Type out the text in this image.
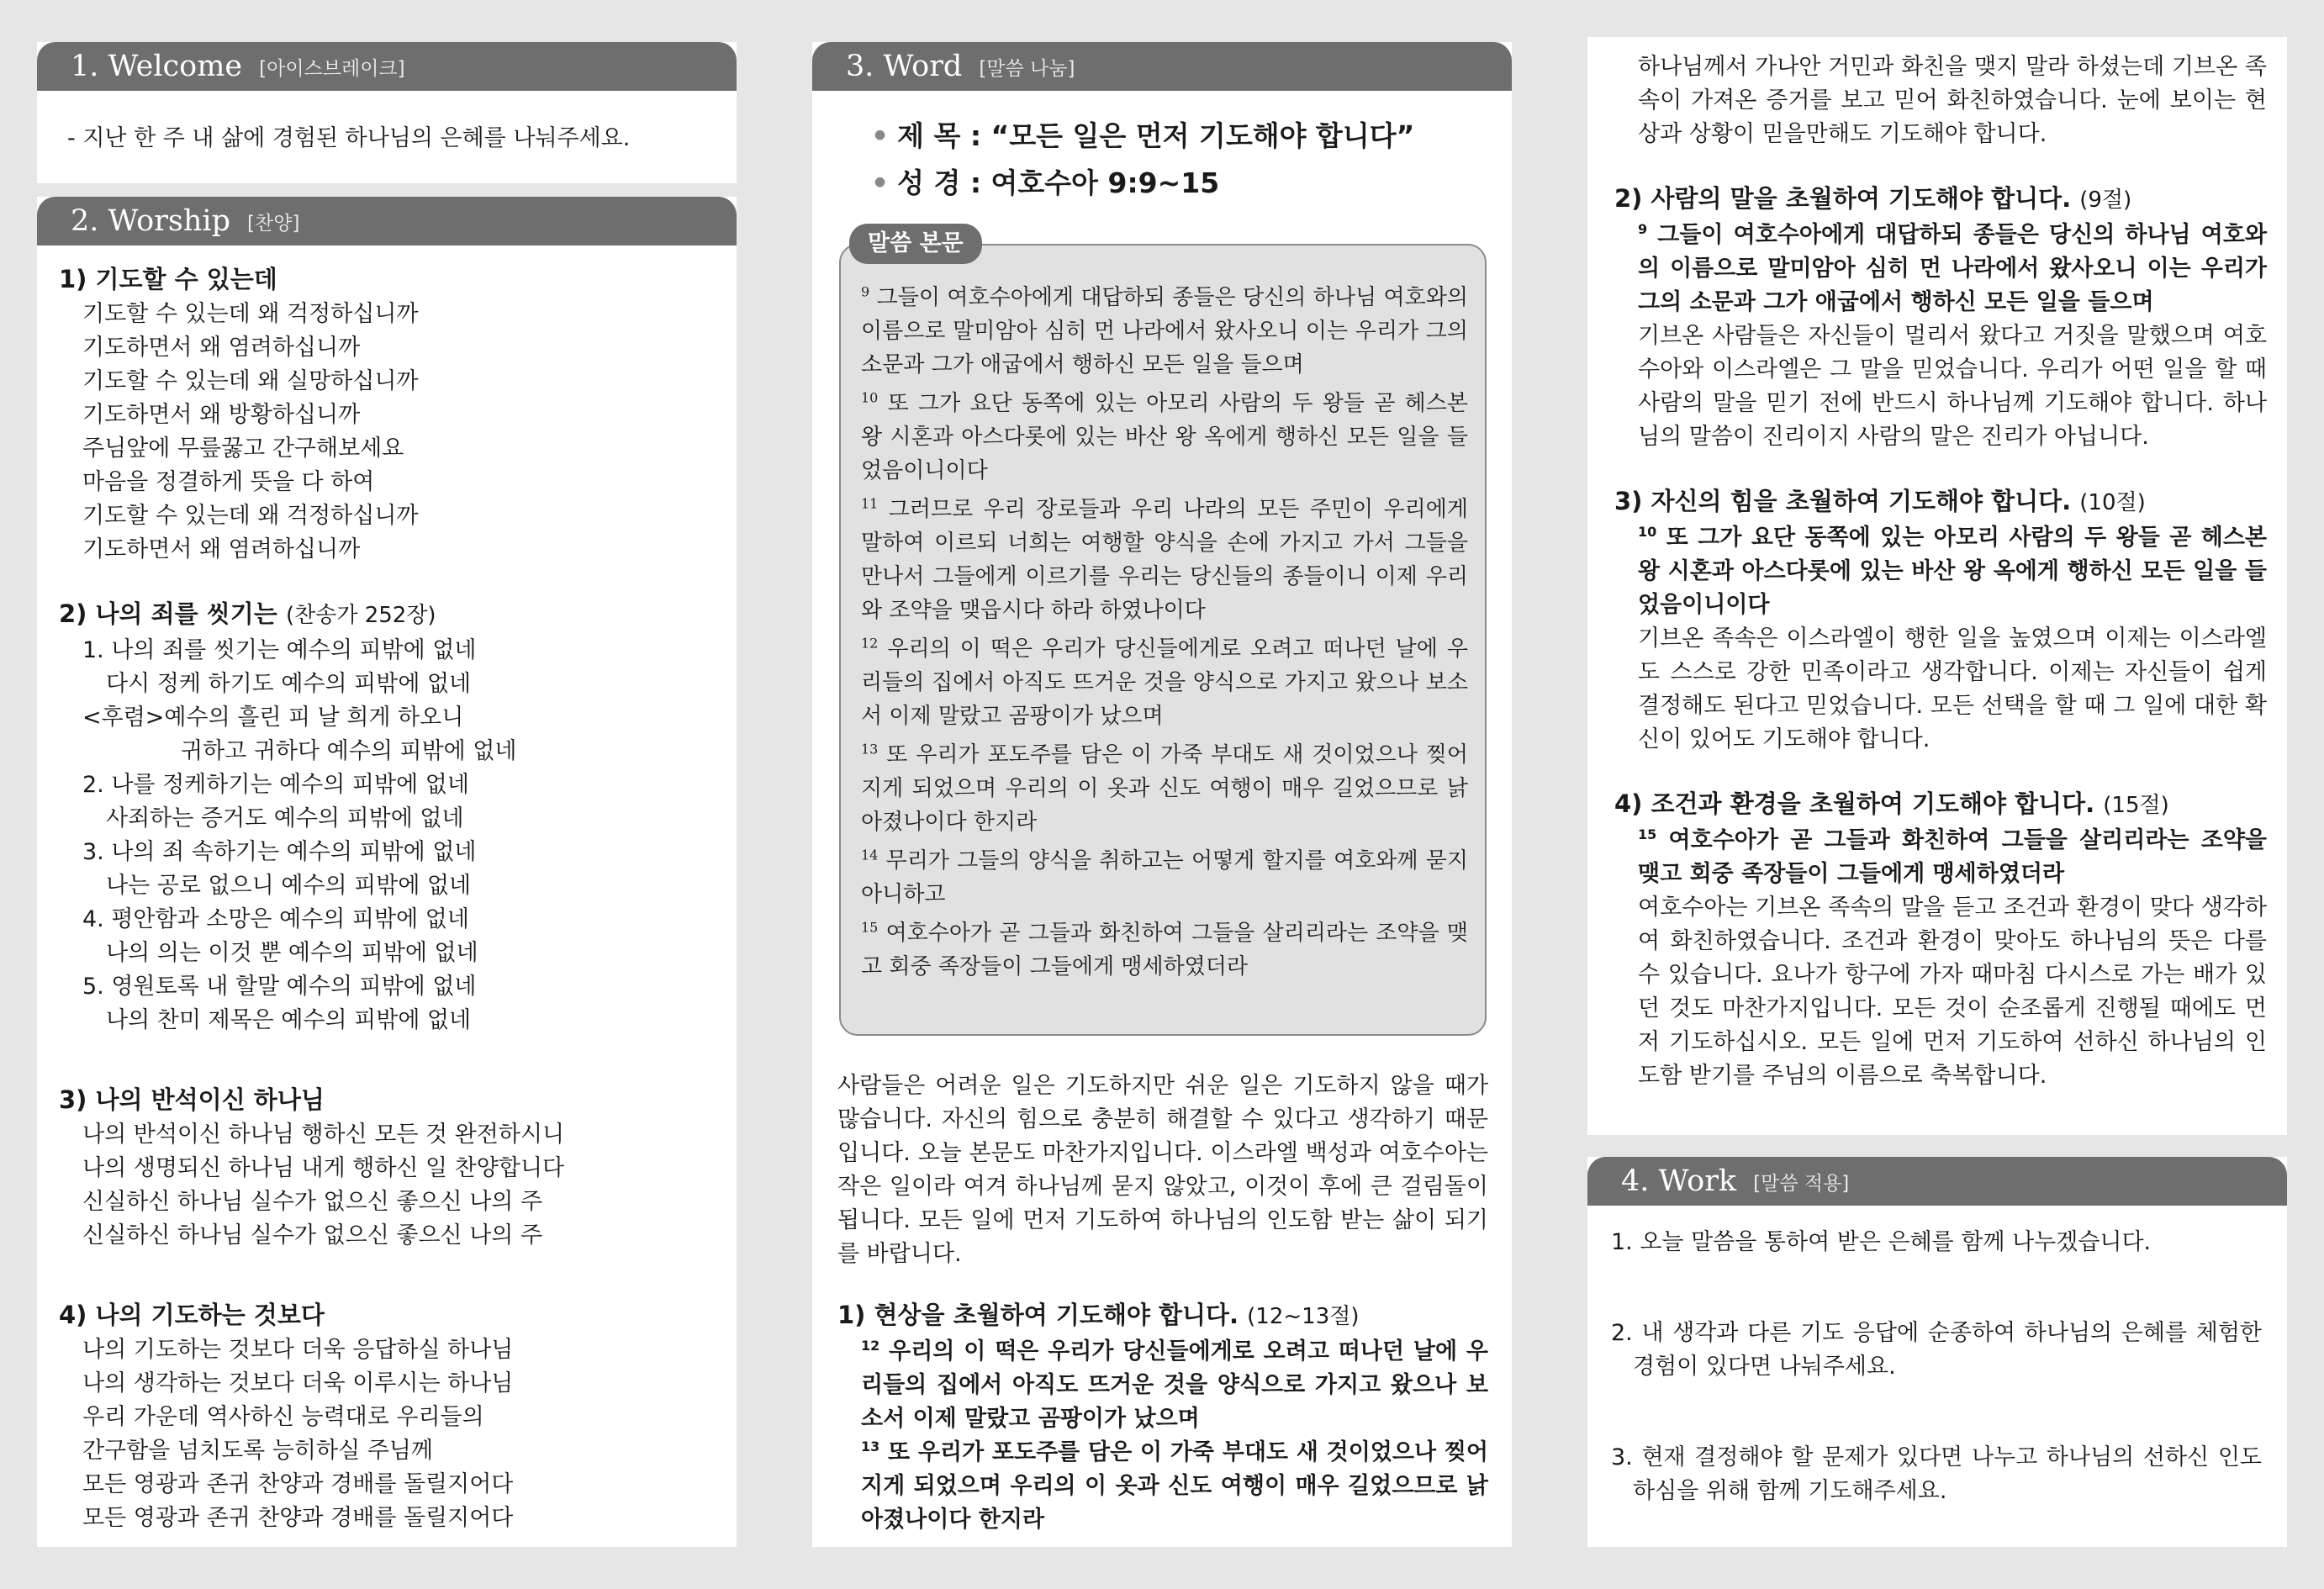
1. Welcome [아이스브레이크]
- 지난 한 주 내 삶에 경험된 하나님의 은혜를 나눠주세요.
2. Worship [찬양]
1) 기도할 수 있는데
기도할 수 있는데 왜 걱정하십니까
기도하면서 왜 염려하십니까
기도할 수 있는데 왜 실망하십니까
기도하면서 왜 방황하십니까
주님앞에 무릎꿇고 간구해보세요
마음을 정결하게 뜻을 다 하여
기도할 수 있는데 왜 걱정하십니까
기도하면서 왜 염려하십니까
2) 나의 죄를 씻기는 (찬송가 252장)
1. 나의 죄를 씻기는 예수의 피밖에 없네
다시 정케 하기도 예수의 피밖에 없네
<후렴>예수의 흘린 피 날 희게 하오니
귀하고 귀하다 예수의 피밖에 없네
2. 나를 정케하기는 예수의 피밖에 없네
사죄하는 증거도 예수의 피밖에 없네
3. 나의 죄 속하기는 예수의 피밖에 없네
나는 공로 없으니 예수의 피밖에 없네
4. 평안함과 소망은 예수의 피밖에 없네
나의 의는 이것 뿐 예수의 피밖에 없네
5. 영원토록 내 할말 예수의 피밖에 없네
나의 찬미 제목은 예수의 피밖에 없네
3) 나의 반석이신 하나님
나의 반석이신 하나님 행하신 모든 것 완전하시니
나의 생명되신 하나님 내게 행하신 일 찬양합니다
신실하신 하나님 실수가 없으신 좋으신 나의 주
신실하신 하나님 실수가 없으신 좋으신 나의 주
4) 나의 기도하는 것보다
나의 기도하는 것보다 더욱 응답하실 하나님
나의 생각하는 것보다 더욱 이루시는 하나님
우리 가운데 역사하신 능력대로 우리들의
간구함을 넘치도록 능히하실 주님께
모든 영광과 존귀 찬양과 경배를 돌릴지어다
모든 영광과 존귀 찬양과 경배를 돌릴지어다
3. Word [말씀 나눔]
• 제 목 : “모든 일은 먼저 기도해야 합니다”
• 성 경 : 여호수아 9:9~15
말씀 본문
$^9$ 그들이 여호수아에게 대답하되 종들은 당신의 하나님 여호와의 이름으로 말미암아 심히 먼 나라에서 왔사오니 이는 우리가 그의 소문과 그가 애굽에서 행하신 모든 일을 들으며
$^{10}$ 또 그가 요단 동쪽에 있는 아모리 사람의 두 왕들 곧 헤스본 왕 시혼과 아스다롯에 있는 바산 왕 옥에게 행하신 모든 일을 들었음이니이다
$^{11}$ 그러므로 우리 장로들과 우리 나라의 모든 주민이 우리에게 말하여 이르되 너희는 여행할 양식을 손에 가지고 가서 그들을 만나서 그들에게 이르기를 우리는 당신들의 종들이니 이제 우리와 조약을 맺읍시다 하라 하였나이다
$^{12}$ 우리의 이 떡은 우리가 당신들에게로 오려고 떠나던 날에 우리들의 집에서 아직도 뜨거운 것을 양식으로 가지고 왔으나 보소서 이제 말랐고 곰팡이가 났으며
$^{13}$ 또 우리가 포도주를 담은 이 가죽 부대도 새 것이었으나 찢어지게 되었으며 우리의 이 옷과 신도 여행이 매우 길었으므로 낡아졌나이다 한지라
$^{14}$ 무리가 그들의 양식을 취하고는 어떻게 할지를 여호와께 묻지 아니하고
$^{15}$ 여호수아가 곧 그들과 화친하여 그들을 살리리라는 조약을 맺고 회중 족장들이 그들에게 맹세하였더라
사람들은 어려운 일은 기도하지만 쉬운 일은 기도하지 않을 때가 많습니다. 자신의 힘으로 충분히 해결할 수 있다고 생각하기 때문입니다. 오늘 본문도 마찬가지입니다. 이스라엘 백성과 여호수아는 작은 일이라 여겨 하나님께 묻지 않았고, 이것이 후에 큰 걸림돌이 됩니다. 모든 일에 먼저 기도하여 하나님의 인도함 받는 삶이 되기를 바랍니다.
1) 현상을 초월하여 기도해야 합니다. (12~13절)
$^{12}$ 우리의 이 떡은 우리가 당신들에게로 오려고 떠나던 날에 우리들의 집에서 아직도 뜨거운 것을 양식으로 가지고 왔으나 보소서 이제 말랐고 곰팡이가 났으며
$^{13}$ 또 우리가 포도주를 담은 이 가죽 부대도 새 것이었으나 찢어지게 되었으며 우리의 이 옷과 신도 여행이 매우 길었으므로 낡아졌나이다 한지라
하나님께서 가나안 거민과 화친을 맺지 말라 하셨는데 기브온 족속이 가져온 증거를 보고 믿어 화친하였습니다. 눈에 보이는 현상과 상황이 믿을만해도 기도해야 합니다.
2) 사람의 말을 초월하여 기도해야 합니다. (9절)
$^9$ 그들이 여호수아에게 대답하되 종들은 당신의 하나님 여호와의 이름으로 말미암아 심히 먼 나라에서 왔사오니 이는 우리가 그의 소문과 그가 애굽에서 행하신 모든 일을 들으며
기브온 사람들은 자신들이 멀리서 왔다고 거짓을 말했으며 여호수아와 이스라엘은 그 말을 믿었습니다. 우리가 어떤 일을 할 때 사람의 말을 믿기 전에 반드시 하나님께 기도해야 합니다. 하나님의 말씀이 진리이지 사람의 말은 진리가 아닙니다.
3) 자신의 힘을 초월하여 기도해야 합니다. (10절)
$^{10}$ 또 그가 요단 동쪽에 있는 아모리 사람의 두 왕들 곧 헤스본 왕 시혼과 아스다롯에 있는 바산 왕 옥에게 행하신 모든 일을 들었음이니이다
기브온 족속은 이스라엘이 행한 일을 높였으며 이제는 이스라엘도 스스로 강한 민족이라고 생각합니다. 이제는 자신들이 쉽게 결정해도 된다고 믿었습니다. 모든 선택을 할 때 그 일에 대한 확신이 있어도 기도해야 합니다.
4) 조건과 환경을 초월하여 기도해야 합니다. (15절)
$^{15}$ 여호수아가 곧 그들과 화친하여 그들을 살리리라는 조약을 맺고 회중 족장들이 그들에게 맹세하였더라
여호수아는 기브온 족속의 말을 듣고 조건과 환경이 맞다 생각하여 화친하였습니다. 조건과 환경이 맞아도 하나님의 뜻은 다를 수 있습니다. 요나가 항구에 가자 때마침 다시스로 가는 배가 있던 것도 마찬가지입니다. 모든 것이 순조롭게 진행될 때에도 먼저 기도하십시오. 모든 일에 먼저 기도하여 선하신 하나님의 인도함 받기를 주님의 이름으로 축복합니다.
4. Work [말씀 적용]
1. 오늘 말씀을 통하여 받은 은혜를 함께 나누겠습니다.
2. 내 생각과 다른 기도 응답에 순종하여 하나님의 은혜를 체험한 경험이 있다면 나눠주세요.
3. 현재 결정해야 할 문제가 있다면 나누고 하나님의 선하신 인도하심을 위해 함께 기도해주세요.
